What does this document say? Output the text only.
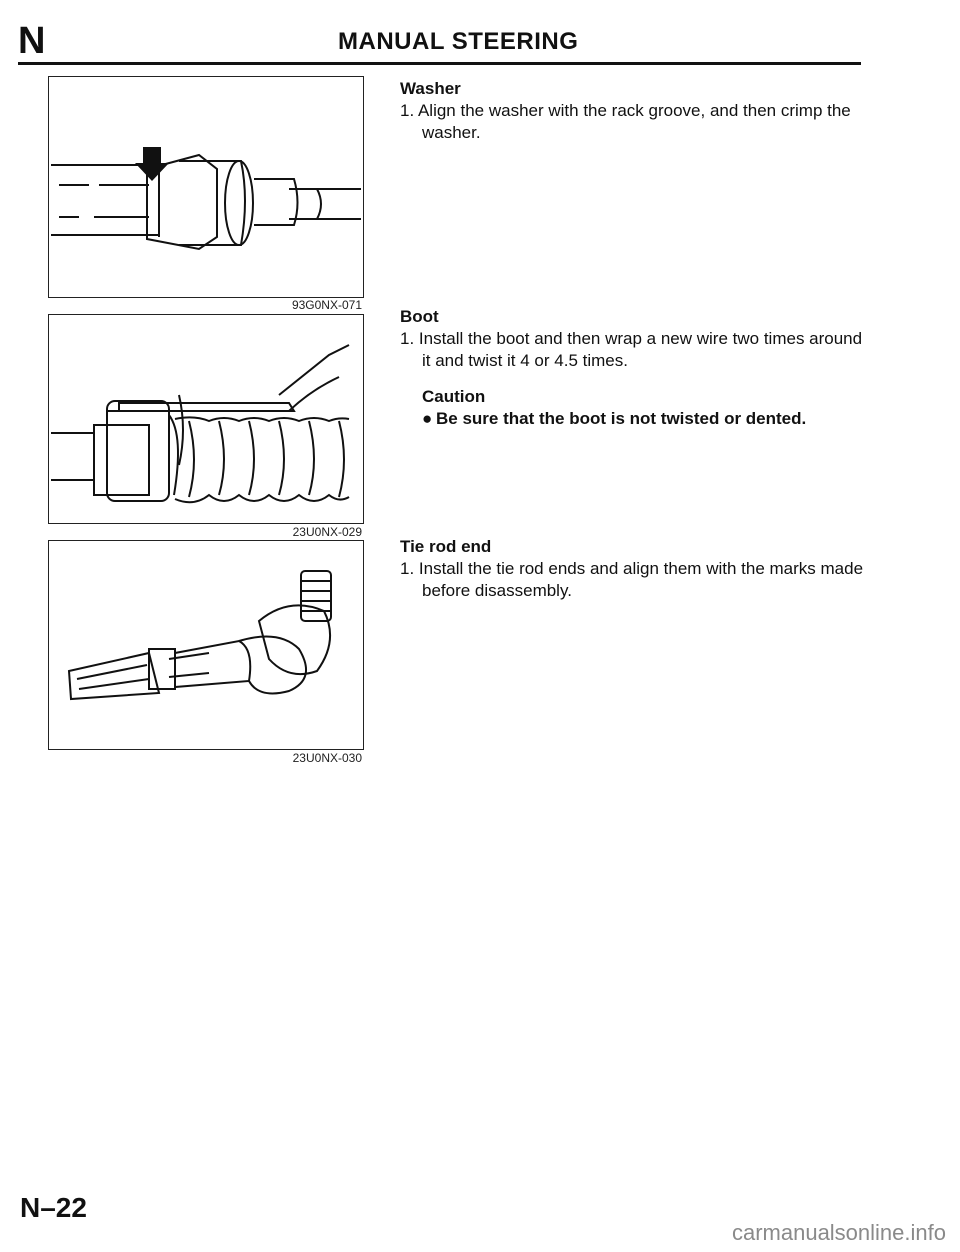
N	MANUAL STEERING
93G0NX-071
23U0NX-029
23U0NX-030
Washer

1. Align the washer with the rack groove, and then crimp the washer.

Boot

1. Install the boot and then wrap a new wire two times around it and twist it 4 or 4.5 times.

Caution
● Be sure that the boot is not twisted or dented.
Tie rod end

1. Install the tie rod ends and align them with the marks made before disassembly.

N–22
carmanualsonline.info
